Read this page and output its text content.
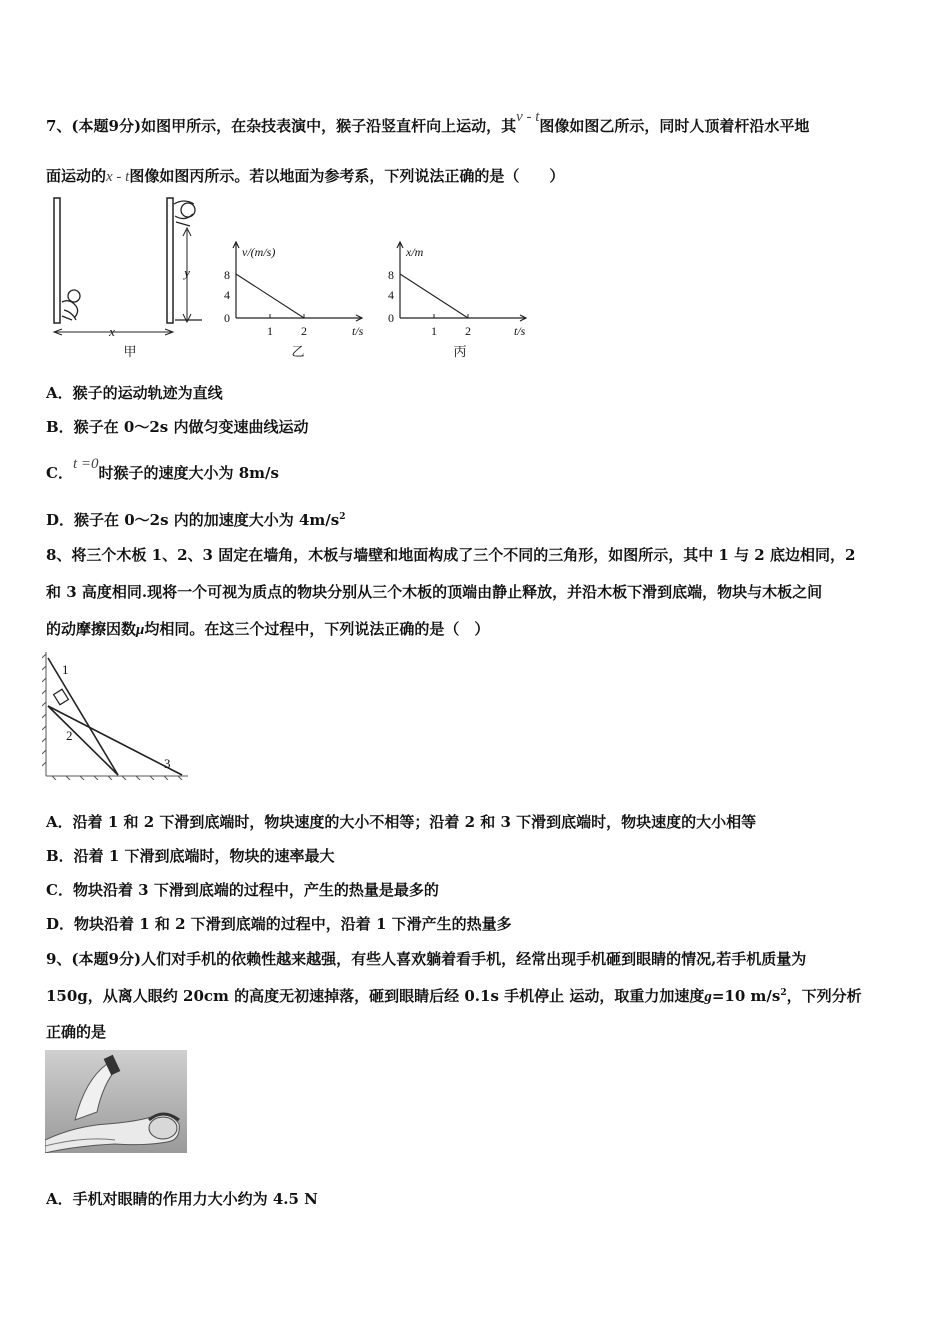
7、(本题9分)如图甲所示，在杂技表演中，猴子沿竖直杆向上运动，其v - t图像如图乙所示，同时人顶着杆沿水平地
面运动的x - t图像如图丙所示。若以地面为参考系，下列说法正确的是（　　）
y
x
甲
v/(m/s)
8
4
0
1 2	t/s
乙
x/m
8
4
0
1 2	t/s
丙
A．猴子的运动轨迹为直线
B．猴子在 0～2s 内做匀变速曲线运动
C．t =0时猴子的速度大小为 8m/s
D．猴子在 0～2s 内的加速度大小为 $4m/s^2$
8、将三个木板 1、2、3 固定在墙角，木板与墙壁和地面构成了三个不同的三角形，如图所示，其中 1 与 2 底边相同，2
和 3 高度相同.现将一个可视为质点的物块分别从三个木板的顶端由静止释放，并沿木板下滑到底端，物块与木板之间
的动摩擦因数μ均相同。在这三个过程中，下列说法正确的是（　）
1
2
3
A．沿着 1 和 2 下滑到底端时，物块速度的大小不相等；沿着 2 和 3 下滑到底端时，物块速度的大小相等
B．沿着 1 下滑到底端时，物块的速率最大
C．物块沿着 3 下滑到底端的过程中，产生的热量是最多的
D．物块沿着 1 和 2 下滑到底端的过程中，沿着 1 下滑产生的热量多
9、(本题9分)人们对手机的依赖性越来越强，有些人喜欢躺着看手机，经常出现手机砸到眼睛的情况,若手机质量为
150g，从离人眼约 20cm 的高度无初速掉落，砸到眼睛后经 0.1s 手机停止 运动，取重力加速度g=10 $m/s^2$，下列分析
正确的是
A．手机对眼睛的作用力大小约为 4.5 N
